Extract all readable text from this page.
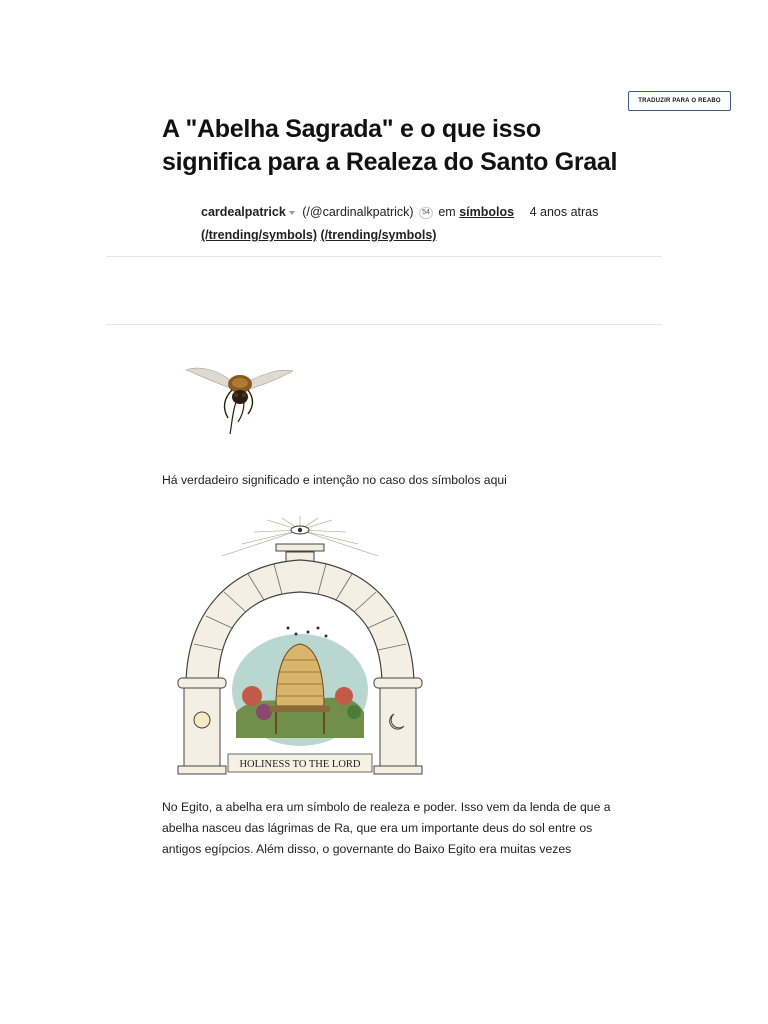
TRADUZIR PARA O REABO
A "Abelha Sagrada" e o que isso significa para a Realeza do Santo Graal
cardealpatrick (/@cardinalkpatrick) 54 em símbolos 4 anos atras
(/trending/symbols) (/trending/symbols)

Há verdadeiro significado e intenção no caso dos símbolos aqui

HOLINESS TO THE LORD

No Egito, a abelha era um símbolo de realeza e poder. Isso vem da lenda de que a abelha nasceu das lágrimas de Ra, que era um importante deus do sol entre os antigos egípcios. Além disso, o governante do Baixo Egito era muitas vezes
